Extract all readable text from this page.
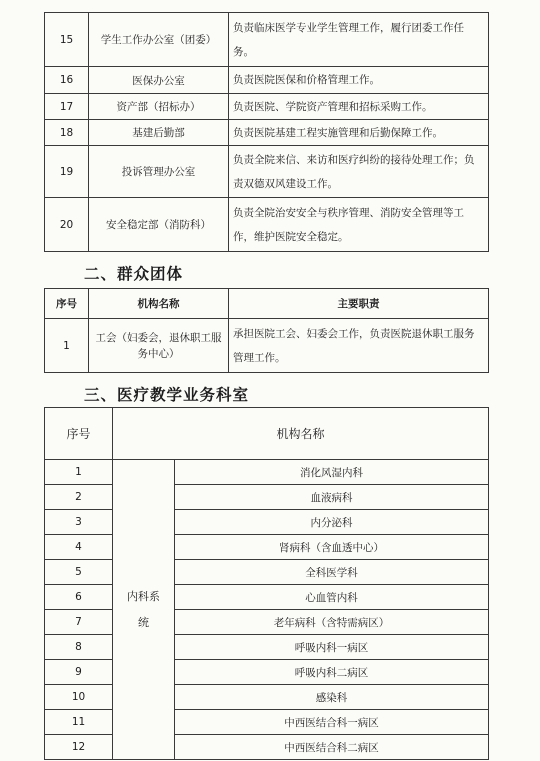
15	学生工作办公室（团委）	负责临床医学专业学生管理工作，履行团委工作任务。
16	医保办公室	负责医院医保和价格管理工作。
17	资产部（招标办）	负责医院、学院资产管理和招标采购工作。
18	基建后勤部	负责医院基建工程实施管理和后勤保障工作。
19	投诉管理办公室	负责全院来信、来访和医疗纠纷的接待处理工作；负责双德双风建设工作。
20	安全稳定部（消防科）	负责全院治安安全与秩序管理、消防安全管理等工作，维护医院安全稳定。
二、群众团体
序号	机构名称	主要职责
1	工会（妇委会，退休职工服务中心）	承担医院工会、妇委会工作，负责医院退休职工服务管理工作。
三、医疗教学业务科室
序号	机构名称	
1	内科系统	消化风湿内科
2		血液病科
3		内分泌科
4		肾病科（含血透中心）
5		全科医学科
6		心血管内科
7		老年病科（含特需病区）
8		呼吸内科一病区
9		呼吸内科二病区
10		感染科
11		中西医结合科一病区
12		中西医结合科二病区
